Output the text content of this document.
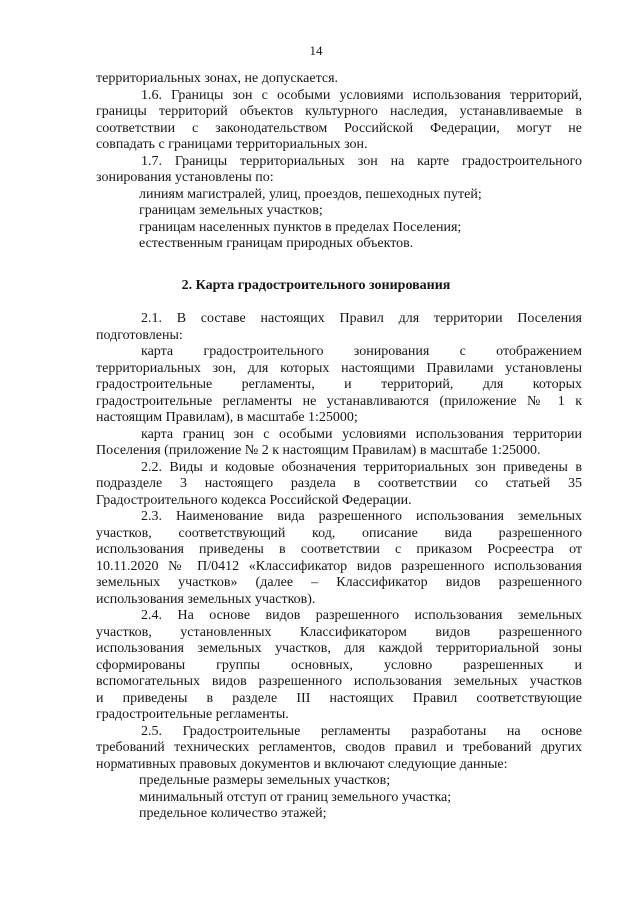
14
территориальных зонах, не допускается.
1.6. Границы зон с особыми условиями использования территорий,
границы территорий объектов культурного наследия, устанавливаемые в
соответствии с законодательством Российской Федерации, могут не
совпадать с границами территориальных зон.
1.7. Границы территориальных зон на карте градостроительного
зонирования установлены по:
линиям магистралей, улиц, проездов, пешеходных путей;
границам земельных участков;
границам населенных пунктов в пределах Поселения;
естественным границам природных объектов.
2. Карта градостроительного зонирования
2.1. В составе настоящих Правил для территории Поселения
подготовлены:
карта градостроительного зонирования с отображением
территориальных зон, для которых настоящими Правилами установлены
градостроительные регламенты, и территорий, для которых
градостроительные регламенты не устанавливаются (приложение № 1 к
настоящим Правилам), в масштабе 1:25000;
карта границ зон с особыми условиями использования территории
Поселения (приложение № 2 к настоящим Правилам) в масштабе 1:25000.
2.2. Виды и кодовые обозначения территориальных зон приведены в
подразделе 3 настоящего раздела в соответствии со статьей 35
Градостроительного кодекса Российской Федерации.
2.3. Наименование вида разрешенного использования земельных
участков, соответствующий код, описание вида разрешенного
использования приведены в соответствии с приказом Росреестра от
10.11.2020 № П/0412 «Классификатор видов разрешенного использования
земельных участков» (далее – Классификатор видов разрешенного
использования земельных участков).
2.4. На основе видов разрешенного использования земельных
участков, установленных Классификатором видов разрешенного
использования земельных участков, для каждой территориальной зоны
сформированы группы основных, условно разрешенных и
вспомогательных видов разрешенного использования земельных участков
и приведены в разделе III настоящих Правил соответствующие
градостроительные регламенты.
2.5. Градостроительные регламенты разработаны на основе
требований технических регламентов, сводов правил и требований других
нормативных правовых документов и включают следующие данные:
предельные размеры земельных участков;
минимальный отступ от границ земельного участка;
предельное количество этажей;
